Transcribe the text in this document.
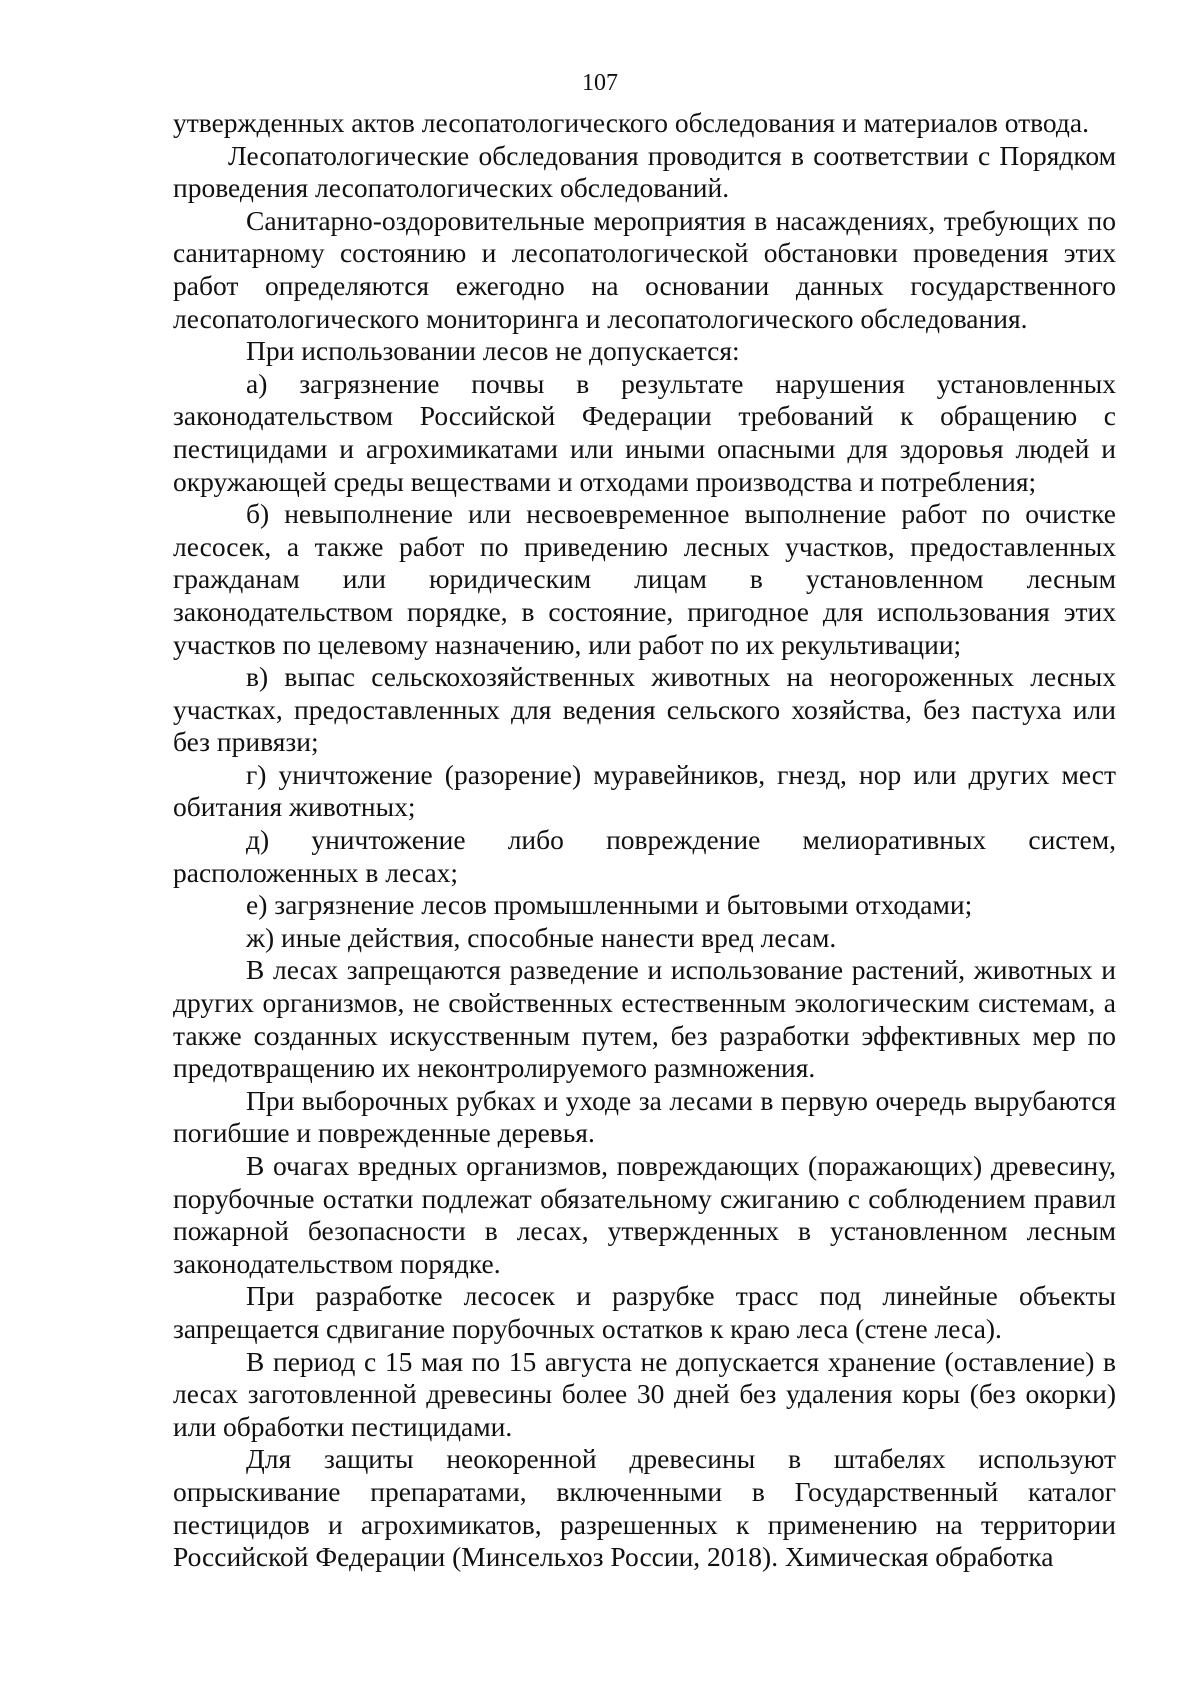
107

утвержденных актов лесопатологического обследования и материалов отвода.

Лесопатологические обследования проводится в соответствии с Порядком проведения лесопатологических обследований.

Санитарно-оздоровительные мероприятия в насаждениях, требующих по санитарному состоянию и лесопатологической обстановки проведения этих работ определяются ежегодно на основании данных государственного лесопатологического мониторинга и лесопатологического обследования.

При использовании лесов не допускается:

а) загрязнение почвы в результате нарушения установленных законодательством Российской Федерации требований к обращению с пестицидами и агрохимикатами или иными опасными для здоровья людей и окружающей среды веществами и отходами производства и потребления;

б) невыполнение или несвоевременное выполнение работ по очистке лесосек, а также работ по приведению лесных участков, предоставленных гражданам или юридическим лицам в установленном лесным законодательством порядке, в состояние, пригодное для использования этих участков по целевому назначению, или работ по их рекультивации;

в) выпас сельскохозяйственных животных на неогороженных лесных участках, предоставленных для ведения сельского хозяйства, без пастуха или без привязи;

г) уничтожение (разорение) муравейников, гнезд, нор или других мест обитания животных;

д) уничтожение либо повреждение мелиоративных систем, расположенных в лесах;

е) загрязнение лесов промышленными и бытовыми отходами;

ж) иные действия, способные нанести вред лесам.

В лесах запрещаются разведение и использование растений, животных и других организмов, не свойственных естественным экологическим системам, а также созданных искусственным путем, без разработки эффективных мер по предотвращению их неконтролируемого размножения.

При выборочных рубках и уходе за лесами в первую очередь вырубаются погибшие и поврежденные деревья.

В очагах вредных организмов, повреждающих (поражающих) древесину, порубочные остатки подлежат обязательному сжиганию с соблюдением правил пожарной безопасности в лесах, утвержденных в установленном лесным законодательством порядке.

При разработке лесосек и разрубке трасс под линейные объекты запрещается сдвигание порубочных остатков к краю леса (стене леса).

В период с 15 мая по 15 августа не допускается хранение (оставление) в лесах заготовленной древесины более 30 дней без удаления коры (без окорки) или обработки пестицидами.

Для защиты неокоренной древесины в штабелях используют опрыскивание препаратами, включенными в Государственный каталог пестицидов и агрохимикатов, разрешенных к применению на территории Российской Федерации (Минсельхоз России, 2018). Химическая обработка
